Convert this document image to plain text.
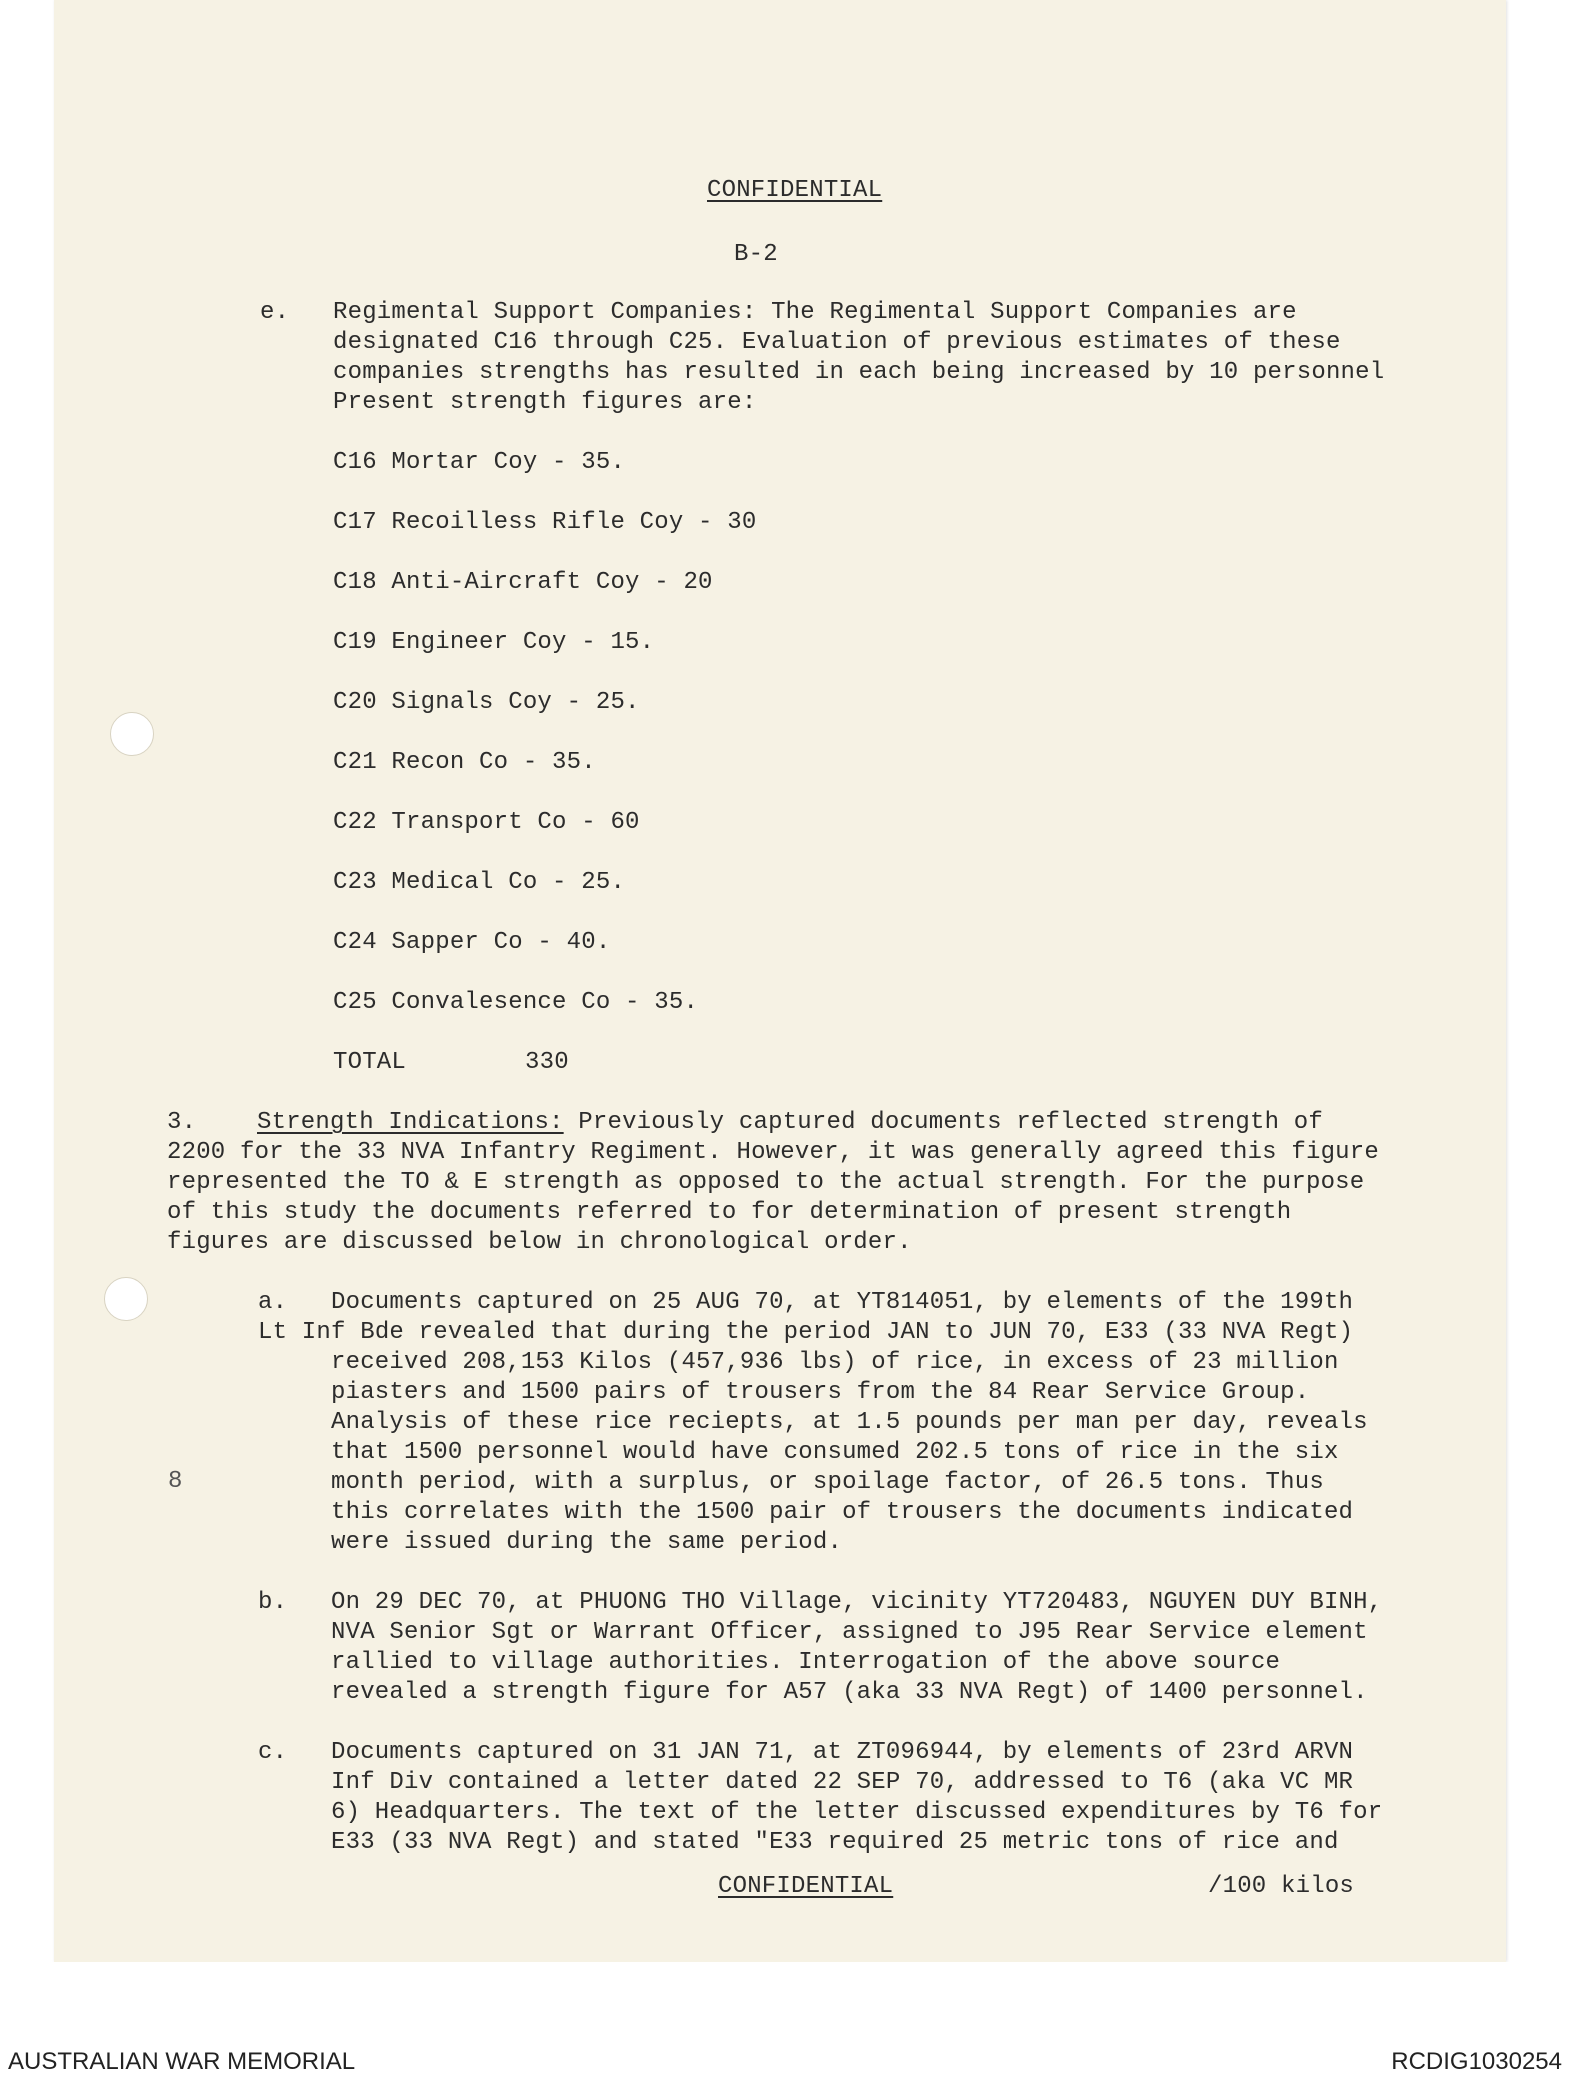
CONFIDENTIAL
B-2
e. Regimental Support Companies: The Regimental Support Companies are
designated C16 through C25. Evaluation of previous estimates of these
companies strengths has resulted in each being increased by 10 personnel
Present strength figures are:
C16 Mortar Coy - 35.
C17 Recoilless Rifle Coy - 30
C18 Anti-Aircraft Coy - 20
C19 Engineer Coy - 15.
C20 Signals Coy - 25.
C21 Recon Co - 35.
C22 Transport Co - 60
C23 Medical Co - 25.
C24 Sapper Co - 40.
C25 Convalesence Co - 35.
TOTAL	330
3.	Strength Indications: Previously captured documents reflected strength of
2200 for the 33 NVA Infantry Regiment. However, it was generally agreed this figure
represented the TO & E strength as opposed to the actual strength. For the purpose
of this study the documents referred to for determination of present strength
figures are discussed below in chronological order.
a. Documents captured on 25 AUG 70, at YT814051, by elements of the 199th
Lt Inf Bde revealed that during the period JAN to JUN 70, E33 (33 NVA Regt)
received 208,153 Kilos (457,936 lbs) of rice, in excess of 23 million
piasters and 1500 pairs of trousers from the 84 Rear Service Group.
Analysis of these rice reciepts, at 1.5 pounds per man per day, reveals
that 1500 personnel would have consumed 202.5 tons of rice in the six
month period, with a surplus, or spoilage factor, of 26.5 tons. Thus
this correlates with the 1500 pair of trousers the documents indicated
were issued during the same period.
8
b. On 29 DEC 70, at PHUONG THO Village, vicinity YT720483, NGUYEN DUY BINH,
NVA Senior Sgt or Warrant Officer, assigned to J95 Rear Service element
rallied to village authorities. Interrogation of the above source
revealed a strength figure for A57 (aka 33 NVA Regt) of 1400 personnel.
c. Documents captured on 31 JAN 71, at ZT096944, by elements of 23rd ARVN
Inf Div contained a letter dated 22 SEP 70, addressed to T6 (aka VC MR
6) Headquarters. The text of the letter discussed expenditures by T6 for
E33 (33 NVA Regt) and stated "E33 required 25 metric tons of rice and
CONFIDENTIAL	/100 kilos
AUSTRALIAN WAR MEMORIAL	RCDIG1030254
